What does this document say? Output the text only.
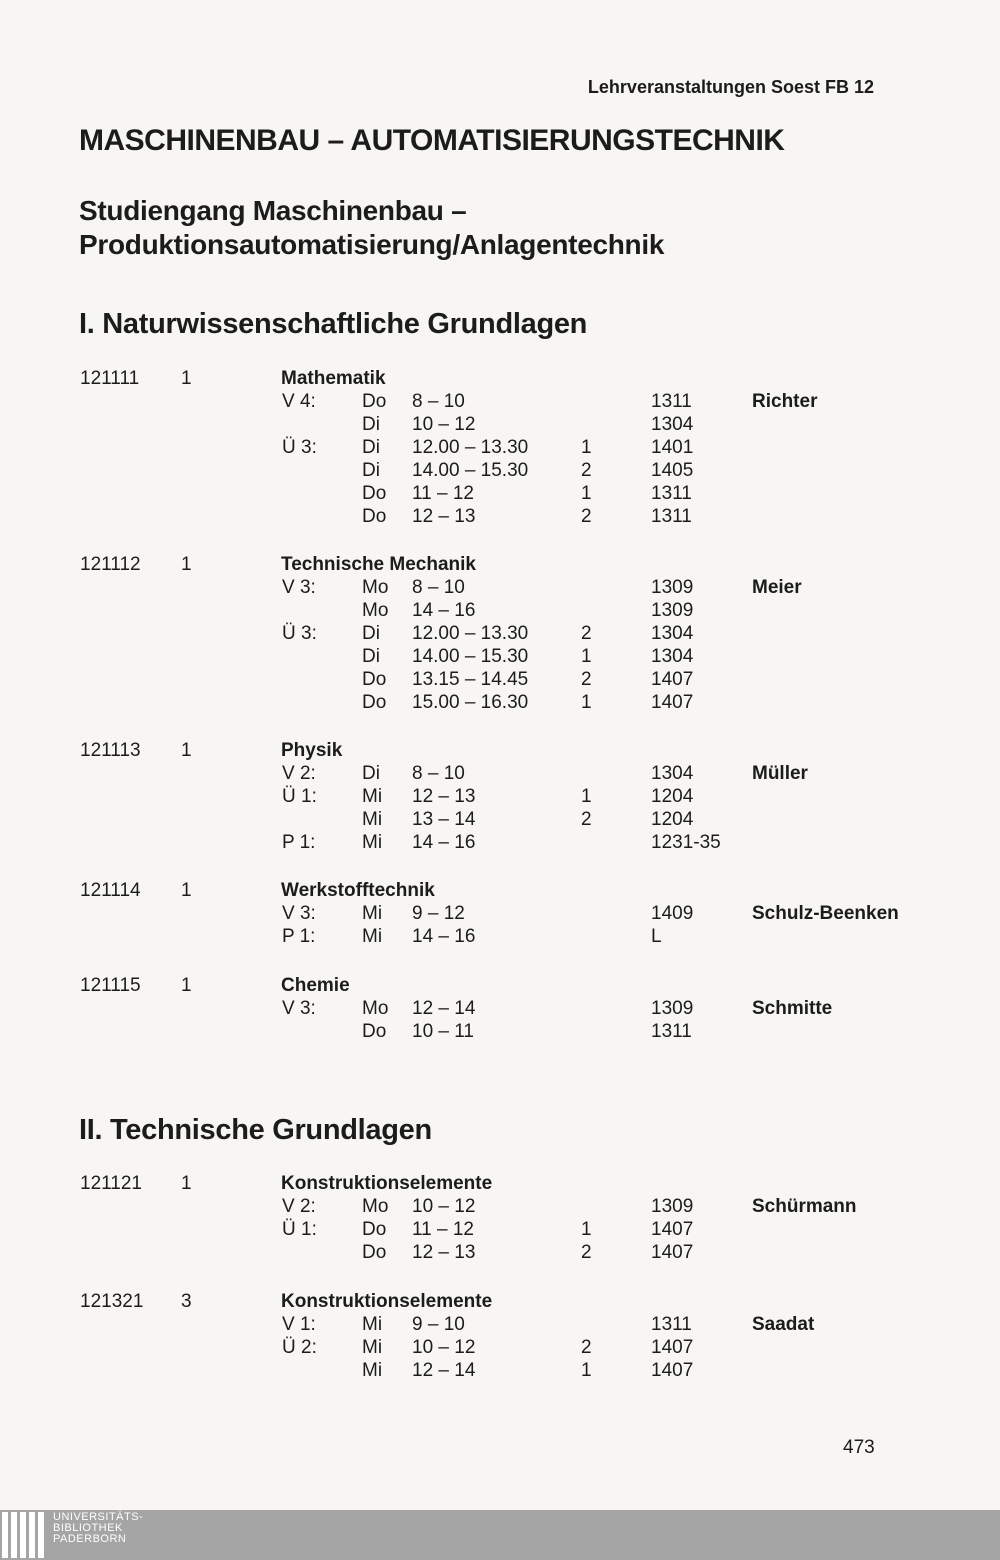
Lehrveranstaltungen Soest FB 12
MASCHINENBAU – AUTOMATISIERUNGSTECHNIK
Studiengang Maschinenbau –
Produktionsautomatisierung/Anlagentechnik
I. Naturwissenschaftliche Grundlagen
II. Technische Grundlagen
121111 1	Mathematik
V 4: Do 8 – 10	1311	Richter
Di 10 – 12	1304
Ü 3: Di 12.00 – 13.30	1	1401
Di 14.00 – 15.30	2	1405
Do 11 – 12	1	1311
Do 12 – 13	2	1311
121112 1	Technische Mechanik
V 3: Mo 8 – 10	1309	Meier
Mo 14 – 16	1309
Ü 3: Di 12.00 – 13.30	2	1304
Di 14.00 – 15.30	1	1304
Do 13.15 – 14.45	2	1407
Do 15.00 – 16.30	1	1407
121113 1	Physik
V 2: Di 8 – 10	1304	Müller
Ü 1: Mi 12 – 13	1	1204
Mi 13 – 14	2	1204
P 1: Mi 14 – 16	1231-35
121114 1	Werkstofftechnik
V 3: Mi 9 – 12	1409	Schulz-Beenken
P 1: Mi 14 – 16	L
121115 1	Chemie
V 3: Mo 12 – 14	1309	Schmitte
Do 10 – 11	1311
121121 1	Konstruktionselemente
V 2: Mo 10 – 12	1309	Schürmann
Ü 1: Do 11 – 12	1	1407
Do 12 – 13	2	1407
121321 3	Konstruktionselemente
V 1: Mi 9 – 10	1311	Saadat
Ü 2: Mi 10 – 12	2	1407
Mi 12 – 14	1	1407
473
UNIVERSITÄTS-
BIBLIOTHEK
PADERBORN
